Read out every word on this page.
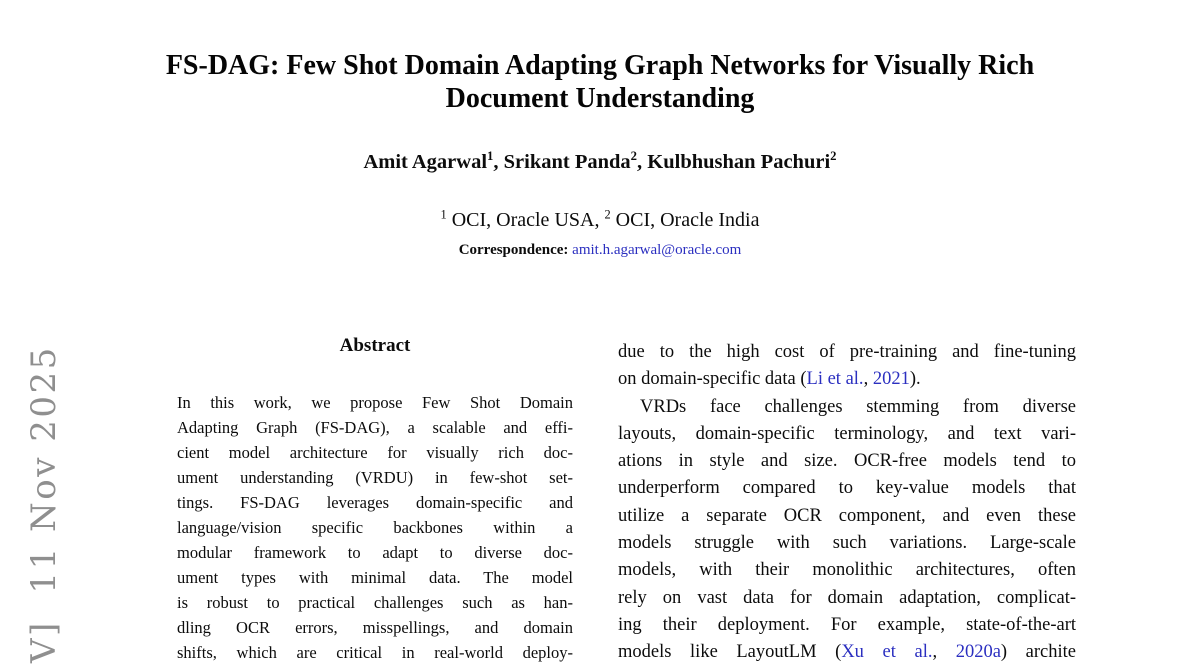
V]  11 Nov 2025
FS-DAG: Few Shot Domain Adapting Graph Networks for Visually Rich
Document Understanding
Amit Agarwal$^1$, Srikant Panda$^2$, Kulbhushan Pachuri$^2$
$^1$ OCI, Oracle USA, $^2$ OCI, Oracle India
Correspondence: amit.h.agarwal@oracle.com
Abstract
In this work, we propose Few Shot Domain
Adapting Graph (FS-DAG), a scalable and effi-
cient model architecture for visually rich doc-
ument understanding (VRDU) in few-shot set-
tings. FS-DAG leverages domain-specific and
language/vision specific backbones within a
modular framework to adapt to diverse doc-
ument types with minimal data. The model
is robust to practical challenges such as han-
dling OCR errors, misspellings, and domain
shifts, which are critical in real-world deploy-
due to the high cost of pre-training and fine-tuning
on domain-specific data (Li et al., 2021).
VRDs face challenges stemming from diverse
layouts, domain-specific terminology, and text vari-
ations in style and size. OCR-free models tend to
underperform compared to key-value models that
utilize a separate OCR component, and even these
models struggle with such variations. Large-scale
models, with their monolithic architectures, often
rely on vast data for domain adaptation, complicat-
ing their deployment. For example, state-of-the-art
models like LayoutLM (Xu et al., 2020a) archite
